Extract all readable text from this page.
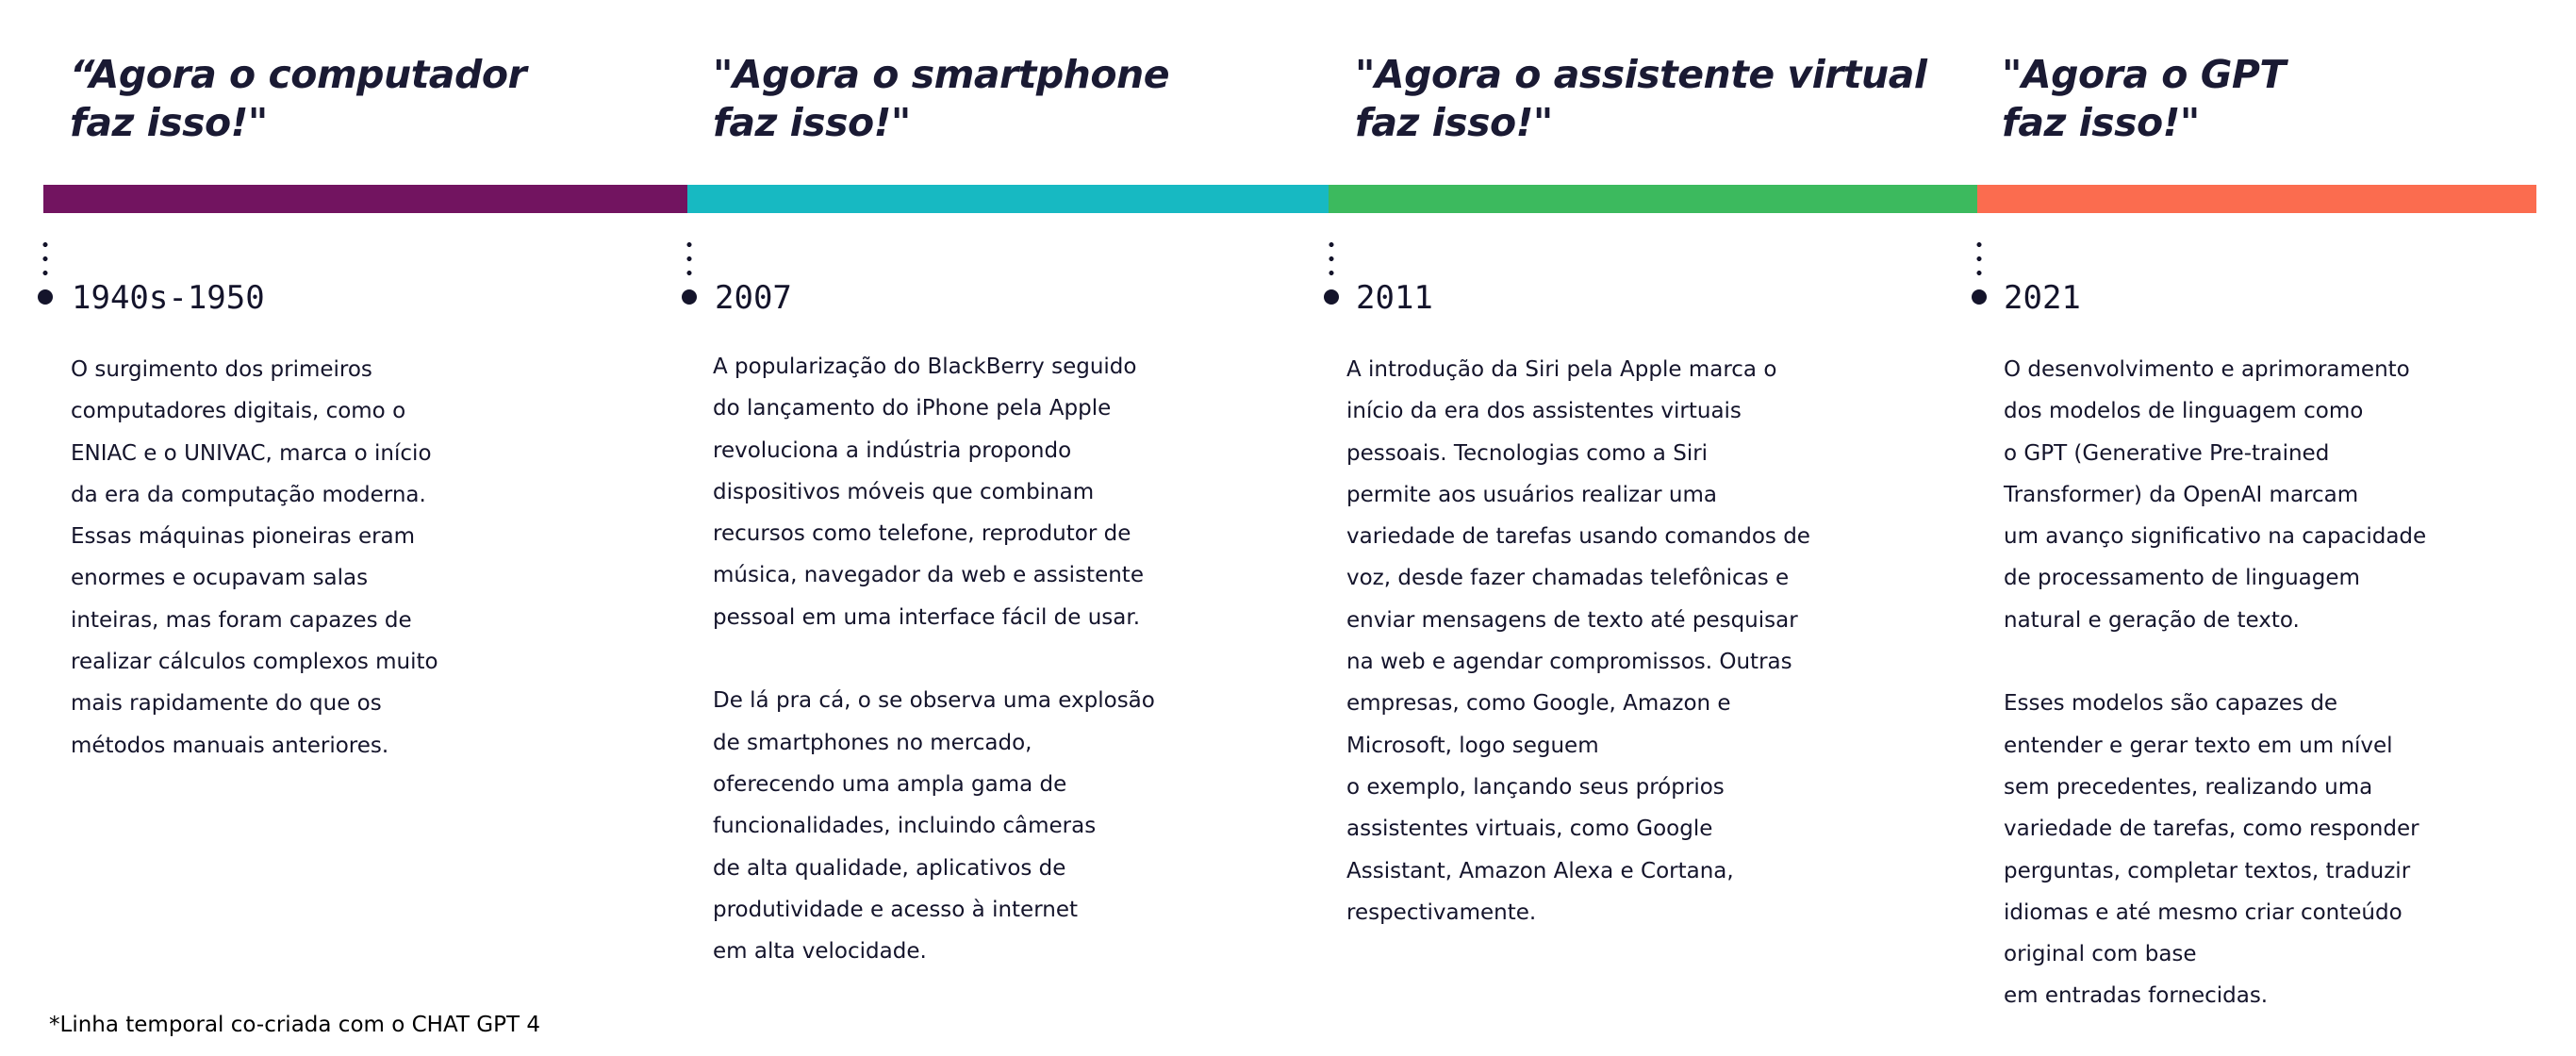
“Agora o computador
faz isso!"
"Agora o smartphone
faz isso!"
"Agora o assistente virtual
faz isso!"
"Agora o GPT
faz isso!"
1940s-1950	2007	2011	2021

O surgimento dos primeiros
computadores digitais, como o
ENIAC e o UNIVAC, marca o início
da era da computação moderna.
Essas máquinas pioneiras eram
enormes e ocupavam salas
inteiras, mas foram capazes de
realizar cálculos complexos muito
mais rapidamente do que os
métodos manuais anteriores.

A popularização do BlackBerry seguido
do lançamento do iPhone pela Apple
revoluciona a indústria propondo
dispositivos móveis que combinam
recursos como telefone, reprodutor de
música, navegador da web e assistente
pessoal em uma interface fácil de usar.

De lá pra cá, o se observa uma explosão
de smartphones no mercado,
oferecendo uma ampla gama de
funcionalidades, incluindo câmeras
de alta qualidade, aplicativos de
produtividade e acesso à internet
em alta velocidade.

A introdução da Siri pela Apple marca o
início da era dos assistentes virtuais
pessoais. Tecnologias como a Siri
permite aos usuários realizar uma
variedade de tarefas usando comandos de
voz, desde fazer chamadas telefônicas e
enviar mensagens de texto até pesquisar
na web e agendar compromissos. Outras
empresas, como Google, Amazon e
Microsoft, logo seguem
o exemplo, lançando seus próprios
assistentes virtuais, como Google
Assistant, Amazon Alexa e Cortana,
respectivamente.

O desenvolvimento e aprimoramento
dos modelos de linguagem como
o GPT (Generative Pre-trained
Transformer) da OpenAI marcam
um avanço significativo na capacidade
de processamento de linguagem
natural e geração de texto.

Esses modelos são capazes de
entender e gerar texto em um nível
sem precedentes, realizando uma
variedade de tarefas, como responder
perguntas, completar textos, traduzir
idiomas e até mesmo criar conteúdo
original com base
em entradas fornecidas.

*Linha temporal co-criada com o CHAT GPT 4
